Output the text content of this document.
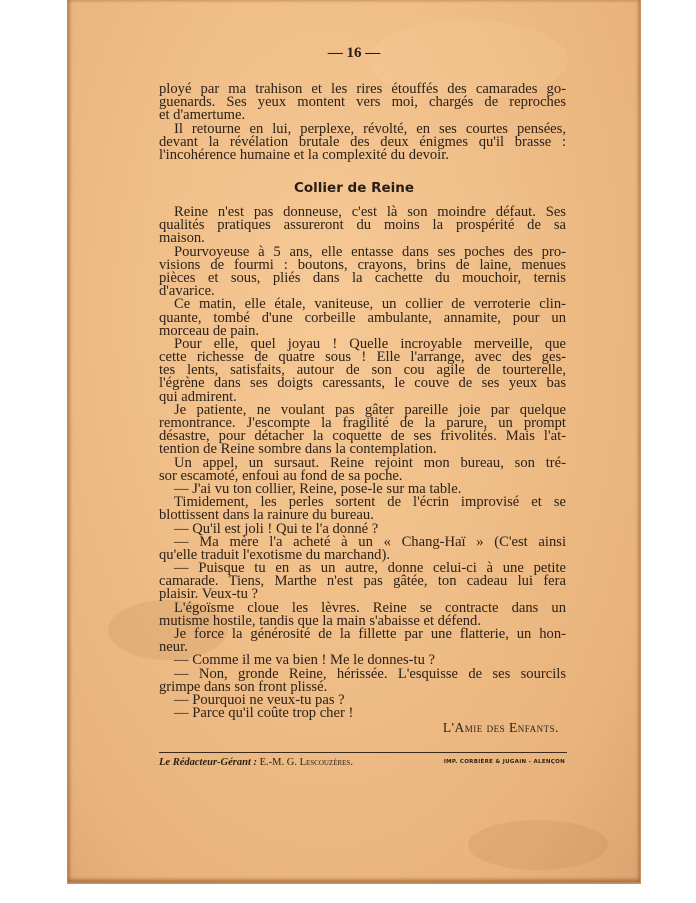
— 16 —
ployé par ma trahison et les rires étouffés des camarades go-
guenards. Ses yeux montent vers moi, chargés de reproches
et d'amertume.
Il retourne en lui, perplexe, révolté, en ses courtes pensées,
devant la révélation brutale des deux énigmes qu'il brasse :
l'incohérence humaine et la complexité du devoir.
Collier de Reine
Reine n'est pas donneuse, c'est là son moindre défaut. Ses
qualités pratiques assureront du moins la prospérité de sa
maison.
Pourvoyeuse à 5 ans, elle entasse dans ses poches des pro-
visions de fourmi : boutons, crayons, brins de laine, menues
pièces et sous, pliés dans la cachette du mouchoir, ternis
d'avarice.
Ce matin, elle étale, vaniteuse, un collier de verroterie clin-
quante, tombé d'une corbeille ambulante, annamite, pour un
morceau de pain.
Pour elle, quel joyau ! Quelle incroyable merveille, que
cette richesse de quatre sous ! Elle l'arrange, avec des ges-
tes lents, satisfaits, autour de son cou agile de tourterelle,
l'égrène dans ses doigts caressants, le couve de ses yeux bas
qui admirent.
Je patiente, ne voulant pas gâter pareille joie par quelque
remontrance. J'escompte la fragilité de la parure, un prompt
désastre, pour détacher la coquette de ses frivolités. Mais l'at-
tention de Reine sombre dans la contemplation.
Un appel, un sursaut. Reine rejoint mon bureau, son tré-
sor escamoté, enfoui au fond de sa poche.
— J'ai vu ton collier, Reine, pose-le sur ma table.
Timidement, les perles sortent de l'écrin improvisé et se
blottissent dans la rainure du bureau.
— Qu'il est joli ! Qui te l'a donné ?
— Ma mère l'a acheté à un « Chang-Haï » (C'est ainsi
qu'elle traduit l'exotisme du marchand).
— Puisque tu en as un autre, donne celui-ci à une petite
camarade. Tiens, Marthe n'est pas gâtée, ton cadeau lui fera
plaisir. Veux-tu ?
L'égoïsme cloue les lèvres. Reine se contracte dans un
mutisme hostile, tandis que la main s'abaisse et défend.
Je force la générosité de la fillette par une flatterie, un hon-
neur.
— Comme il me va bien ! Me le donnes-tu ?
— Non, gronde Reine, hérissée. L'esquisse de ses sourcils
grimpe dans son front plissé.
— Pourquoi ne veux-tu pas ?
— Parce qu'il coûte trop cher !
L'Amie des Enfants.
Le Rédacteur-Gérant : E.-M. G. Lescouzères.	IMP. CORBIÈRE & JUGAIN - ALENÇON
